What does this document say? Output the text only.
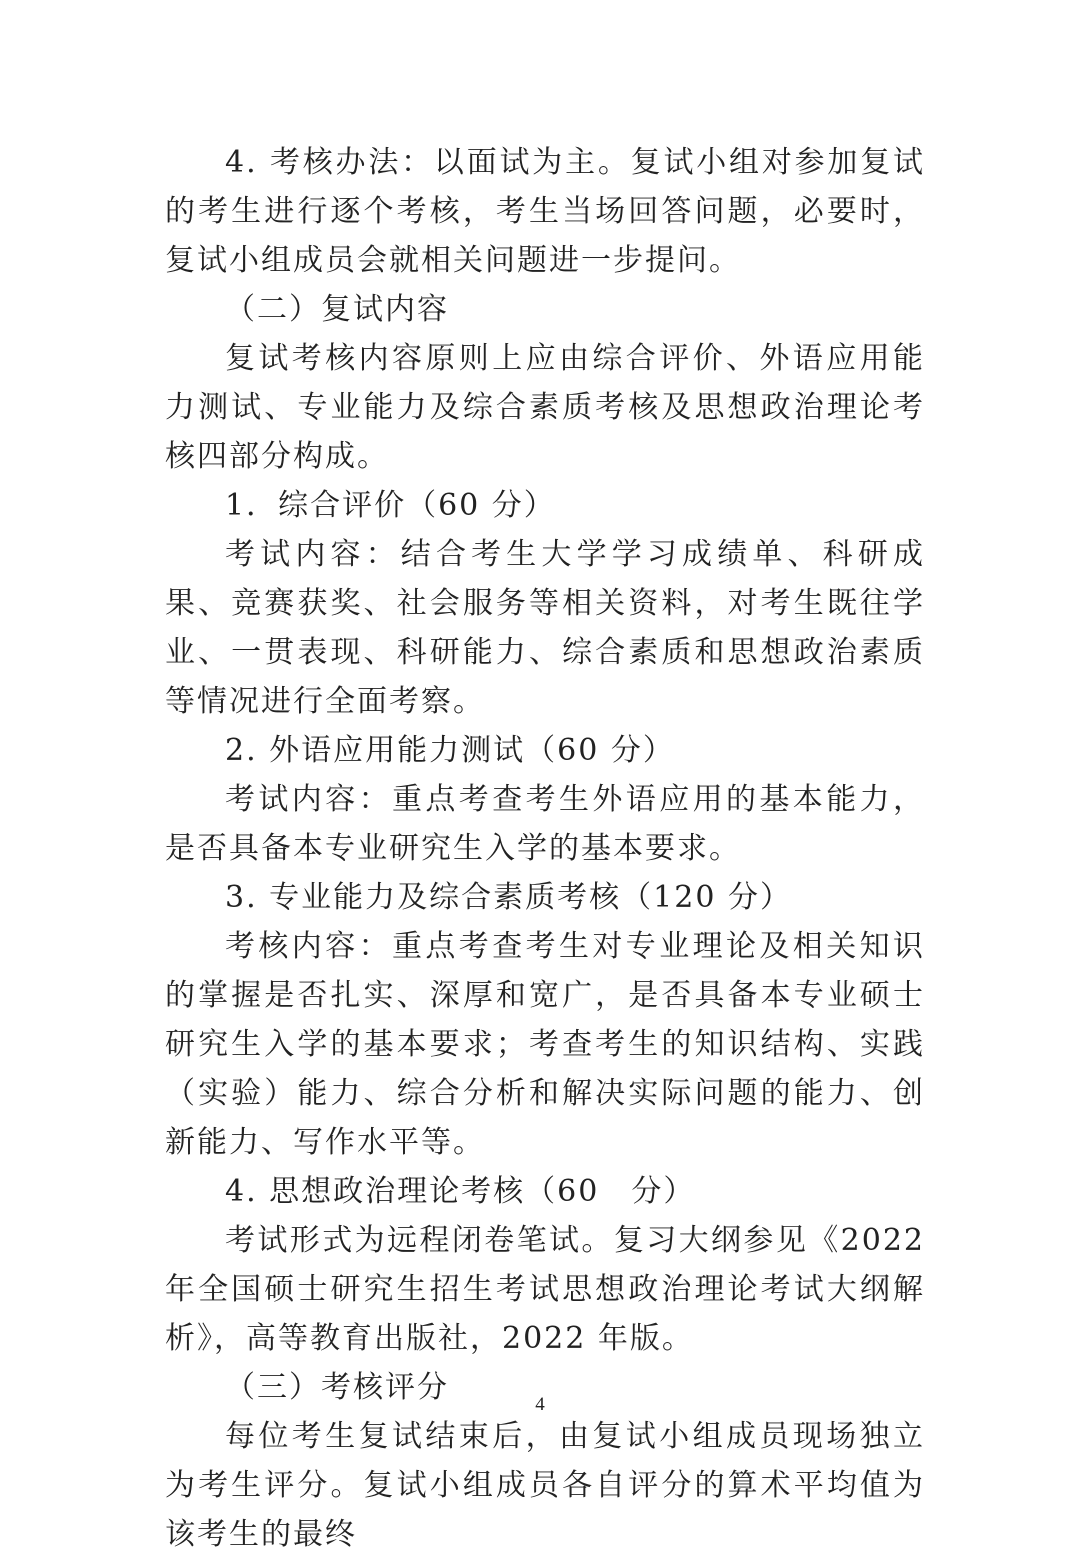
4. 考核办法：以面试为主。复试小组对参加复试的考生进行逐个考核，考生当场回答问题，必要时，复试小组成员会就相关问题进一步提问。

（二）复试内容

复试考核内容原则上应由综合评价、外语应用能力测试、专业能力及综合素质考核及思想政治理论考核四部分构成。

1．综合评价（60 分）

考试内容：结合考生大学学习成绩单、科研成果、竞赛获奖、社会服务等相关资料，对考生既往学业、一贯表现、科研能力、综合素质和思想政治素质等情况进行全面考察。

2. 外语应用能力测试（60 分）

考试内容：重点考查考生外语应用的基本能力，是否具备本专业研究生入学的基本要求。

3. 专业能力及综合素质考核（120 分）

考核内容：重点考查考生对专业理论及相关知识的掌握是否扎实、深厚和宽广，是否具备本专业硕士研究生入学的基本要求；考查考生的知识结构、实践（实验）能力、综合分析和解决实际问题的能力、创新能力、写作水平等。

4. 思想政治理论考核（60　分）

考试形式为远程闭卷笔试。复习大纲参见《2022 年全国硕士研究生招生考试思想政治理论考试大纲解析》，高等教育出版社，2022 年版。

（三）考核评分

每位考生复试结束后，由复试小组成员现场独立为考生评分。复试小组成员各自评分的算术平均值为该考生的最终

4
